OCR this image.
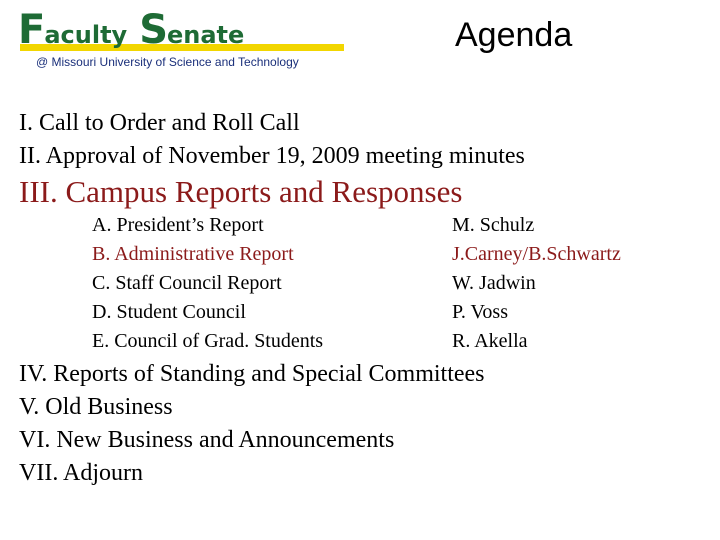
Faculty Senate
@ Missouri University of Science and Technology
Agenda
I. Call to Order and Roll Call
II. Approval of November 19, 2009 meeting minutes
III. Campus Reports and Responses
A. President’s Report	M. Schulz
B. Administrative Report	J.Carney/B.Schwartz
C. Staff Council Report	W. Jadwin
D. Student Council	P. Voss
E. Council of Grad. Students	R. Akella
IV. Reports of Standing and Special Committees
V. Old Business
VI. New Business and Announcements
VII. Adjourn
